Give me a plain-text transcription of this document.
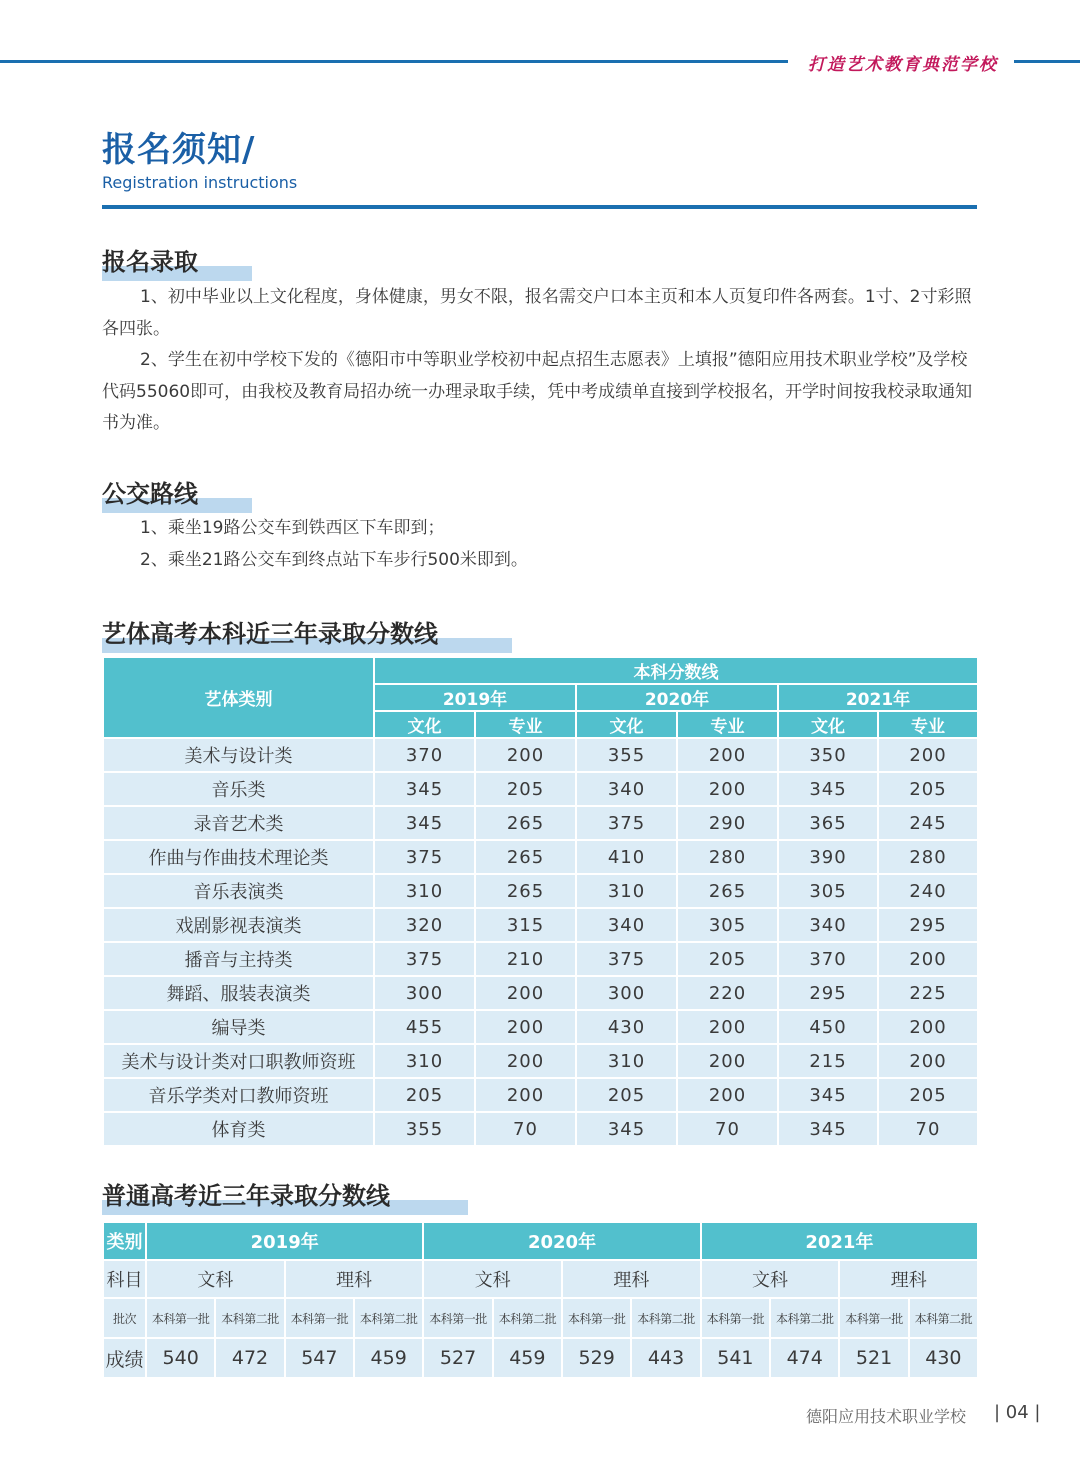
打造艺术教育典范学校
报名须知/
Registration instructions
报名录取

1、初中毕业以上文化程度，身体健康，男女不限，报名需交户口本主页和本人页复印件各两套。1寸、2寸彩照各四张。

2、学生在初中学校下发的《德阳市中等职业学校初中起点招生志愿表》上填报”德阳应用技术职业学校”及学校代码55060即可，由我校及教育局招办统一办理录取手续，凭中考成绩单直接到学校报名，开学时间按我校录取通知书为准。

公交路线

1、乘坐19路公交车到铁西区下车即到；

2、乘坐21路公交车到终点站下车步行500米即到。

艺体高考本科近三年录取分数线
艺体类别	本科分数线					
	2019年		2020年		2021年	
	文化	专业	文化	专业	文化	专业
美术与设计类	370	200	355	200	350	200
音乐类	345	205	340	200	345	205
录音艺术类	345	265	375	290	365	245
作曲与作曲技术理论类	375	265	410	280	390	280
音乐表演类	310	265	310	265	305	240
戏剧影视表演类	320	315	340	305	340	295
播音与主持类	375	210	375	205	370	200
舞蹈、服装表演类	300	200	300	220	295	225
编导类	455	200	430	200	450	200
美术与设计类对口职教师资班	310	200	310	200	215	200
音乐学类对口教师资班	205	200	205	200	345	205
体育类	355	70	345	70	345	70
普通高考近三年录取分数线
类别	2019年				2020年				2021年			
科目	文科		理科		文科		理科		文科		理科	
批次	本科第一批	本科第二批	本科第一批	本科第二批	本科第一批	本科第二批	本科第一批	本科第二批	本科第一批	本科第二批	本科第一批	本科第二批
成绩	540	472	547	459	527	459	529	443	541	474	521	430
德阳应用技术职业学校 | 04 |
